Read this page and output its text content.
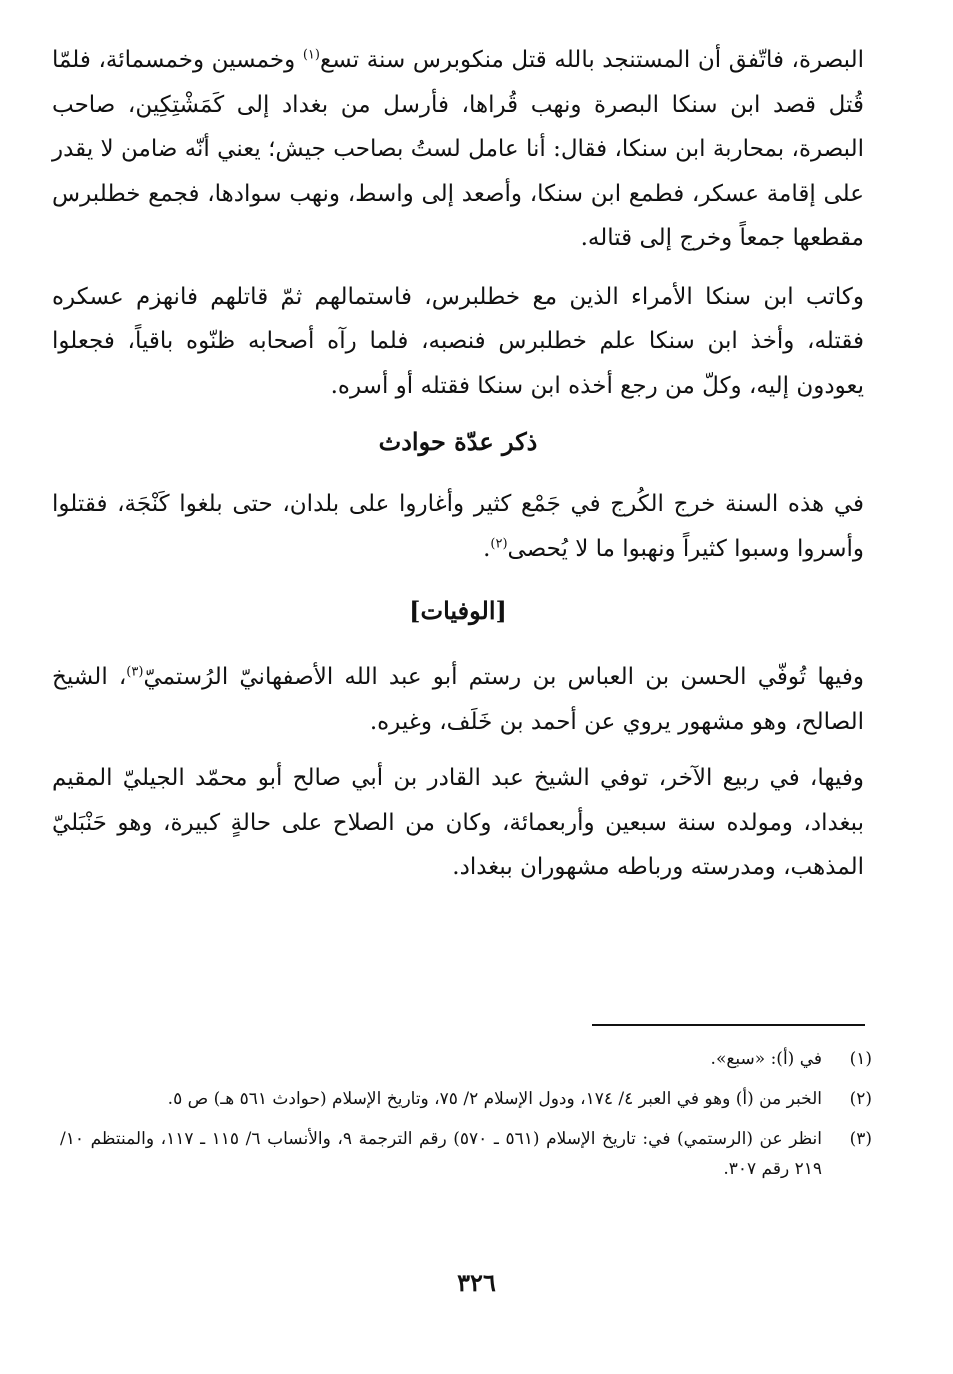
البصرة، فاتّفق أن المستنجد بالله قتل منكوبرس سنة تسع$^{(١)}$ وخمسين وخمسمائة، فلمّا قُتل قصد ابن سنكا البصرة ونهب قُراها، فأرسل من بغداد إلى كَمَشْتِكِين، صاحب البصرة، بمحاربة ابن سنكا، فقال: أنا عامل لستُ بصاحب جيش؛ يعني أنّه ضامن لا يقدر على إقامة عسكر، فطمع ابن سنكا، وأصعد إلى واسط، ونهب سوادها، فجمع خطلبرس مقطعها جمعاً وخرج إلى قتاله.

وكاتب ابن سنكا الأمراء الذين مع خطلبرس، فاستمالهم ثمّ قاتلهم فانهزم عسكره فقتله، وأخذ ابن سنكا علم خطلبرس فنصبه، فلما رآه أصحابه ظنّوه باقياً، فجعلوا يعودون إليه، وكلّ من رجع أخذه ابن سنكا فقتله أو أسره.

ذكر عدّة حوادث

في هذه السنة خرج الكُرج في جَمْع كثير وأغاروا على بلدان، حتى بلغوا كَنْجَة، فقتلوا وأسروا وسبوا كثيراً ونهبوا ما لا يُحصى$^{(٢)}$.

[الوفيات]

وفيها تُوفّي الحسن بن العباس بن رستم أبو عبد الله الأصفهانيّ الرُستميّ$^{(٣)}$، الشيخ الصالح، وهو مشهور يروي عن أحمد بن خَلَف، وغيره.

وفيها، في ربيع الآخر، توفي الشيخ عبد القادر بن أبي صالح أبو محمّد الجيليّ المقيم ببغداد، ومولده سنة سبعين وأربعمائة، وكان من الصلاح على حالةٍ كبيرة، وهو حَنْبَليّ المذهب، ومدرسته ورباطه مشهوران ببغداد.

(١)
في (أ): «سبع».
(٢)
الخبر من (أ) وهو في العبر ٤/ ١٧٤، ودول الإسلام ٢/ ٧٥، وتاريخ الإسلام (حوادث ٥٦١ هـ) ص ٥.
(٣)
انظر عن (الرستمي) في: تاريخ الإسلام (٥٦١ ـ ٥٧٠) رقم الترجمة ٩، والأنساب ٦/ ١١٥ ـ ١١٧، والمنتظم ١٠/ ٢١٩ رقم ٣٠٧.
٣٢٦
